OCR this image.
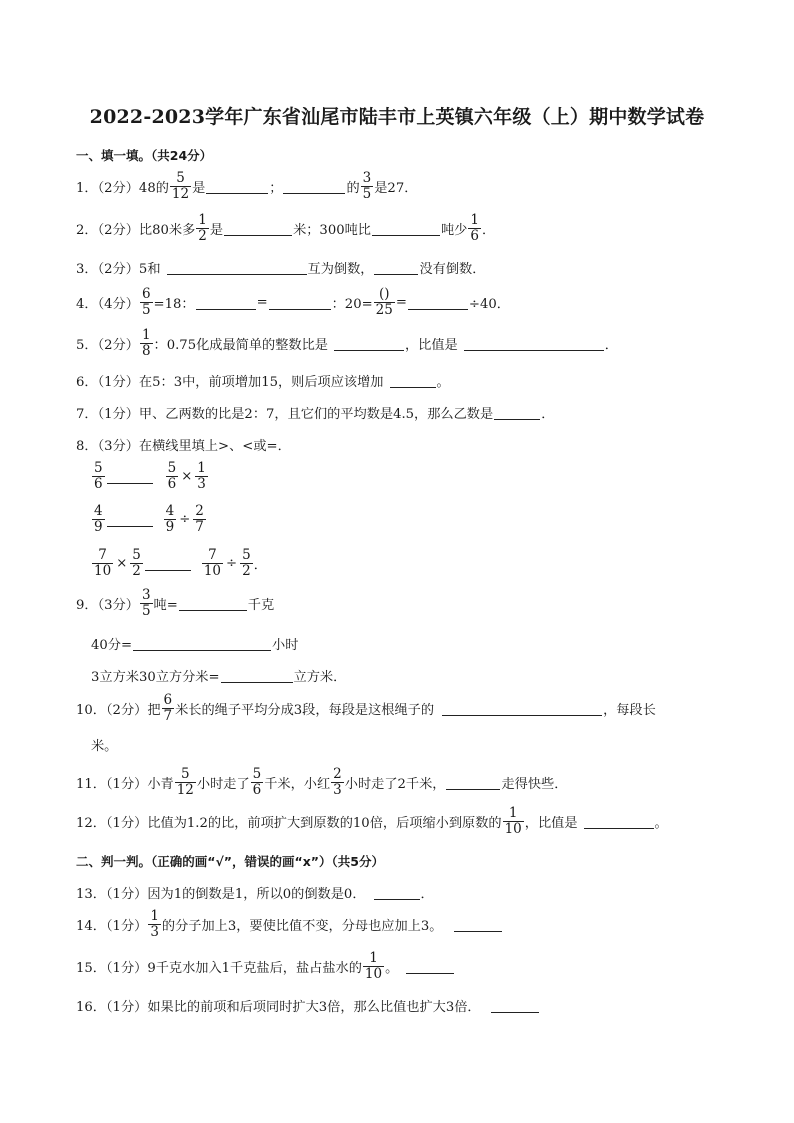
2022-2023学年广东省汕尾市陆丰市上英镇六年级（上）期中数学试卷
一、填一填。（共24分）
1．（2分）48的 $\frac{5}{12}$ 是	；	的 $\frac{3}{5}$ 是27．
2．（2分）比80米多 $\frac{1}{2}$ 是	米；300吨比	吨少 $\frac{1}{6}$ ．
3．（2分）5和	互为倒数，	没有倒数．
4．（4分） $\frac{6}{5} =18$：	=	：$20= \frac{()}{25}$ =	÷40．
5．（2分） $\frac{1}{8}$ ：0.75化成最简单的整数比是	，比值是	．
6．（1分）在5：3中，前项增加15，则后项应该增加	。
7．（1分）甲、乙两数的比是2：7，且它们的平均数是4.5，那么乙数是	．
8．（3分）在横线里填上>、<或=．
$\frac{5}{6}$	$\frac{5}{6} \times \frac{1}{3}$
$\frac{4}{9}$	$\frac{4}{9} \div \frac{2}{7}$
$\frac{7}{10} \times \frac{5}{2}$	$\frac{7}{10} \div \frac{5}{2}$ ．
9．（3分） $\frac{3}{5}$ 吨=	千克
40分=	小时
3立方米30立方分米=	立方米．
10．（2分）把 $\frac{6}{7}$ 米长的绳子平均分成3段，每段是这根绳子的	，每段长
米。
11．（1分）小青 $\frac{5}{12}$ 小时走了 $\frac{5}{6}$ 千米，小红 $\frac{2}{3}$ 小时走了2千米，	走得快些．
12．（1分）比值为1.2的比，前项扩大到原数的10倍，后项缩小到原数的 $\frac{1}{10}$ ，比值是	。
二、判一判。（正确的画“√”，错误的画“x”）（共5分）
13．（1分）因为1的倒数是1，所以0的倒数是0．	．
14．（1分） $\frac{1}{3}$ 的分子加上3，要使比值不变，分母也应加上3。
15．（1分）9千克水加入1千克盐后，盐占盐水的 $\frac{1}{10}$ 。
16．（1分）如果比的前项和后项同时扩大3倍，那么比值也扩大3倍．
